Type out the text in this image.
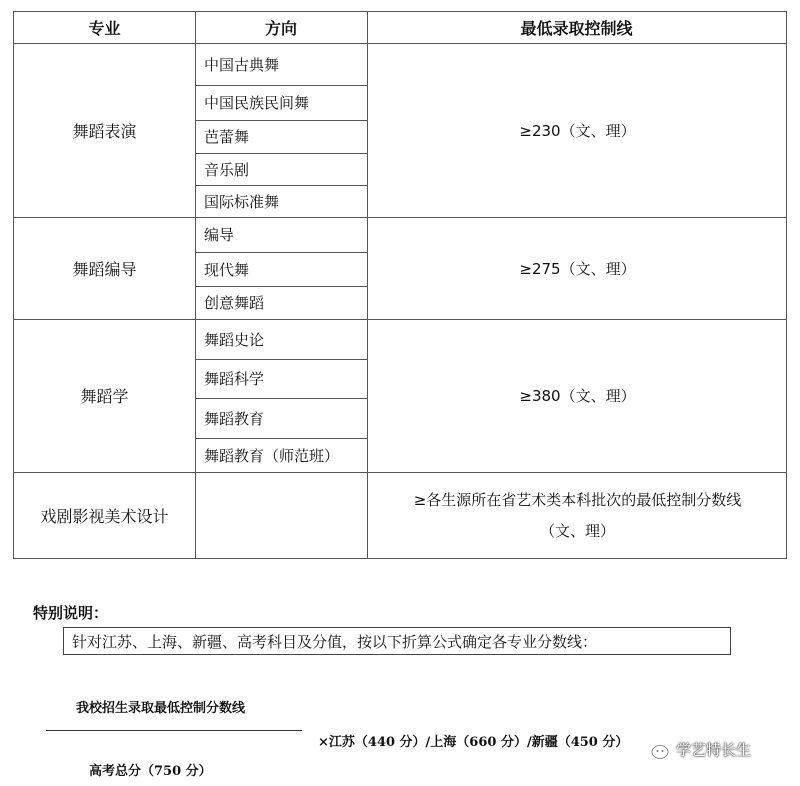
专业	方向	最低录取控制线
舞蹈表演
中国古典舞
中国民族民间舞
芭蕾舞
音乐剧
国际标准舞
≥230（文、理）
舞蹈编导
编导
现代舞
创意舞蹈
≥275（文、理）
舞蹈学
舞蹈史论
舞蹈科学
舞蹈教育
舞蹈教育（师范班）
≥380（文、理）
戏剧影视美术设计
≥各生源所在省艺术类本科批次的最低控制分数线
（文、理）
特别说明：
针对江苏、上海、新疆、高考科目及分值，按以下折算公式确定各专业分数线：
我校招生录取最低控制分数线
×江苏（440 分）/上海（660 分）/新疆（450 分）
高考总分（750 分）
学艺特长生
